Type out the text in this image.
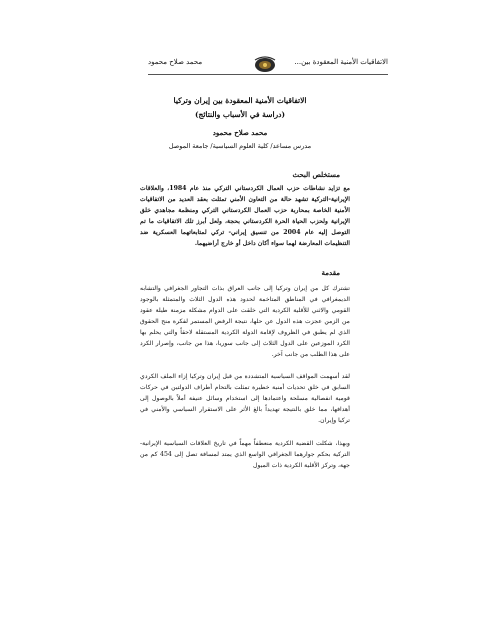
الاتفاقيات الأمنية المعقودة بين...
محمد صلاح محمود
الاتفاقيات الأمنية المعقودة بين إيران وتركيا
(دراسة في الأسباب والنتائج)
محمد صلاح محمود
مدرس مساعد/ كلية العلوم السياسية/ جامعة الموصل
مستخلص البحث
مع تزايد نشاطات حزب العمال الكردستاني التركي منذ عام 1984، والعلاقات الإيرانية-التركية تشهد حالة من التعاون الأمني تمثلت بعقد العديد من الاتفاقيات الأمنية الخاصة بمحاربة حزب العمال الكردستاني التركي ومنظمة مجاهدي خلق الإيرانية ولحزب الحياة الحرة الكردستاني بحجة، ولعل أبرز تلك الاتفاقيات ما تم التوصل إليه عام 2004 من تنسيق إيراني- تركي لمتابعاتهما العسكرية ضد التنظيمات المعارضة لهما سواء أكان داخل أو خارج أراضيهما.
مقدمة
تشترك كل من إيران وتركيا إلى جانب العراق بذات التجاور الجغرافي والتشابه الديمغرافي في المناطق المتاخمة لحدود هذه الدول الثلاث والمتمثلة بالوجود القومي والاثني للأقلية الكردية التي خلقت على الدوام مشكلة مزمنة طيلة عقود من الزمن عجزت هذه الدول عن حلها، نتيجة الرفض المستمر لفكرة منح الحقوق الذي لم يطبق في الظروف لإقامة الدولة الكردية المستقلة لاحقاً والتي يحلم بها الكرد الموزعين على الدول الثلاث إلى جانب سوريا، هذا من جانب، وإصرار الكرد على هذا الطلب من جانب آخر.
لقد أسهمت المواقف السياسية المتشددة من قبل إيران وتركيا إزاء الملف الكردي السابق في خلق تحديات أمنية خطيرة تمثلت بالتحام أطراف الدولتين في حركات قومية انفصالية مسلحة واعتمادها إلى استخدام وسائل عنيفة أملاً بالوصول إلى أهدافها، مما خلق بالنتيجة تهديداً بالغ الأثر على الاستقرار السياسي والأمني في تركيا وإيران.
وبهذا، شكلت القضية الكردية منعطفاً مهماً في تاريخ العلاقات السياسية الإيرانية- التركية بحكم جوارهما الجغرافي الواسع الذي يمتد لمسافة تصل إلى 454 كم من جهة، وتركز الأقلية الكردية ذات الميول
